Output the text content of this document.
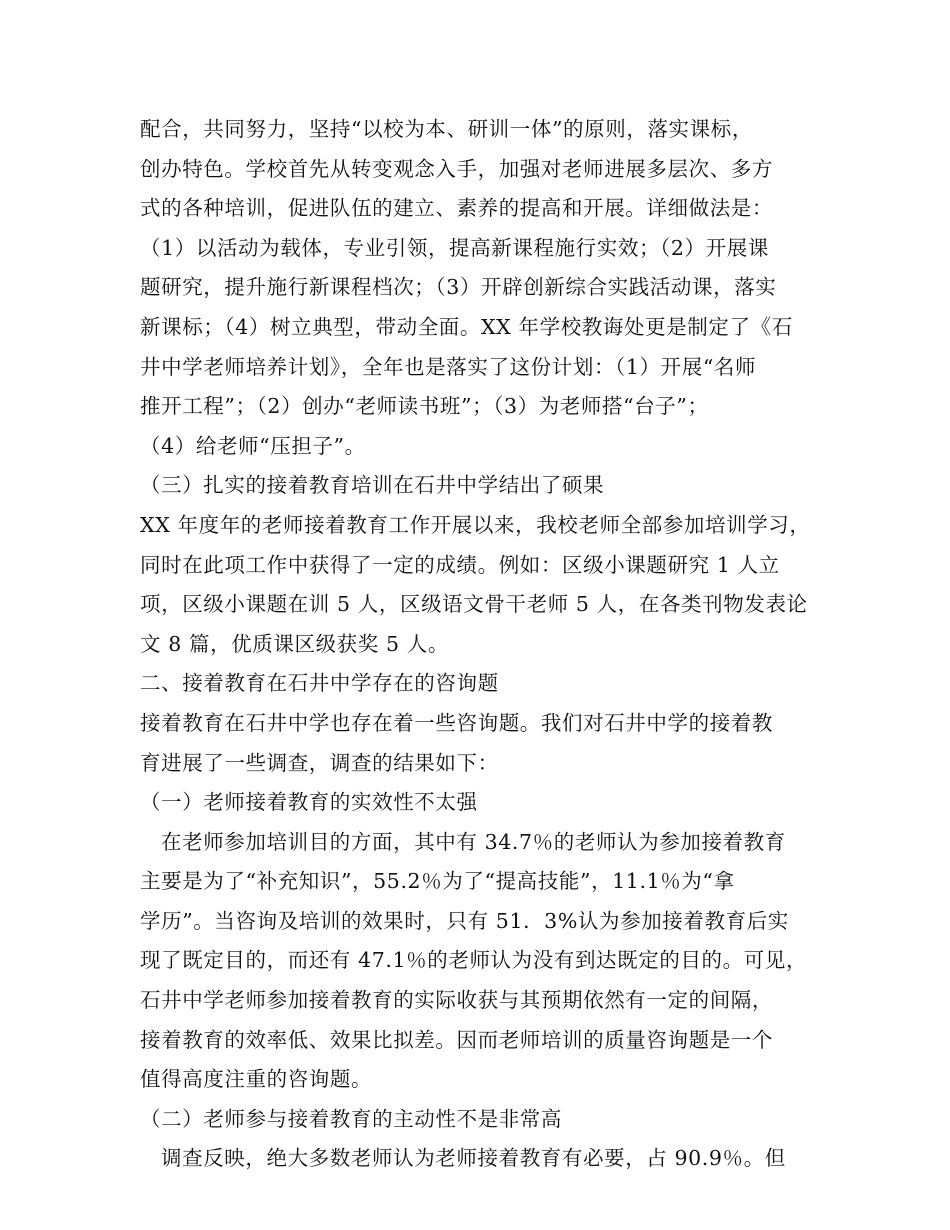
配合，共同努力，坚持“以校为本、研训一体”的原则，落实课标，
创办特色。学校首先从转变观念入手，加强对老师进展多层次、多方
式的各种培训，促进队伍的建立、素养的提高和开展。详细做法是：
（1）以活动为载体，专业引领，提高新课程施行实效；（2）开展课
题研究，提升施行新课程档次；（3）开辟创新综合实践活动课，落实
新课标；（4）树立典型，带动全面。XX 年学校教诲处更是制定了《石
井中学老师培养计划》，全年也是落实了这份计划：（1）开展“名师
推开工程”；（2）创办“老师读书班”；（3）为老师搭“台子”；
（4）给老师“压担子”。
（三）扎实的接着教育培训在石井中学结出了硕果
XX 年度年的老师接着教育工作开展以来，我校老师全部参加培训学习，
同时在此项工作中获得了一定的成绩。例如：区级小课题研究 1 人立
项，区级小课题在训 5 人，区级语文骨干老师 5 人，在各类刊物发表论
文 8 篇，优质课区级获奖 5 人。
二、接着教育在石井中学存在的咨询题
接着教育在石井中学也存在着一些咨询题。我们对石井中学的接着教
育进展了一些调查，调查的结果如下：
（一）老师接着教育的实效性不太强
在老师参加培训目的方面，其中有 34.7％的老师认为参加接着教育
主要是为了“补充知识”，55.2％为了“提高技能”，11.1％为“拿
学历”。当咨询及培训的效果时，只有 51．3%认为参加接着教育后实
现了既定目的，而还有 47.1％的老师认为没有到达既定的目的。可见，
石井中学老师参加接着教育的实际收获与其预期依然有一定的间隔，
接着教育的效率低、效果比拟差。因而老师培训的质量咨询题是一个
值得高度注重的咨询题。
（二）老师参与接着教育的主动性不是非常高
调查反映，绝大多数老师认为老师接着教育有必要，占 90.9％。但
